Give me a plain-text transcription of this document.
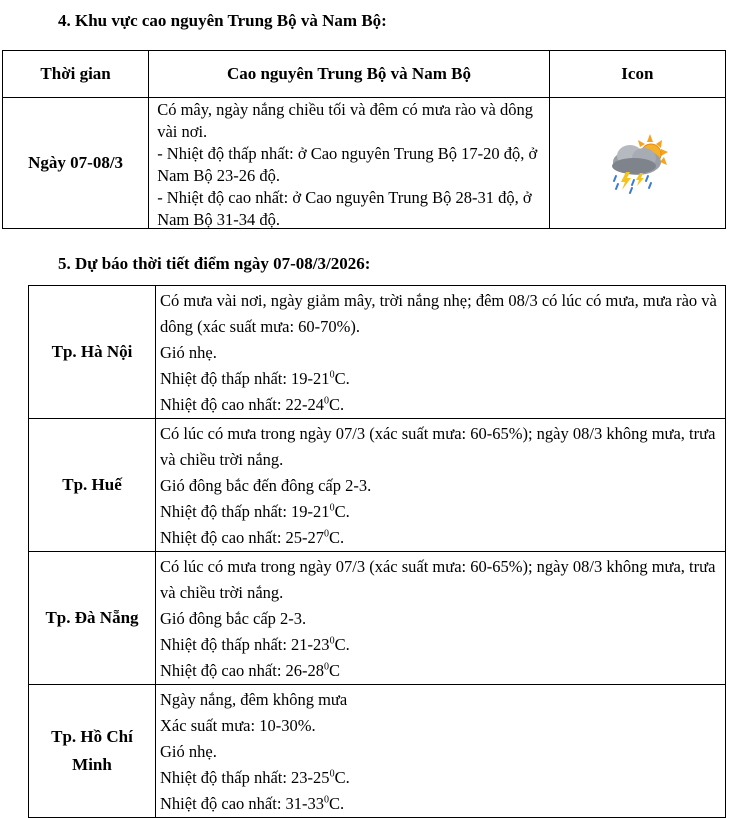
4. Khu vực cao nguyên Trung Bộ và Nam Bộ:
Thời gian	Cao nguyên Trung Bộ và Nam Bộ	Icon
Ngày 07-08/3	Có mây, ngày nắng chiều tối và đêm có mưa rào và dông vài nơi.
- Nhiệt độ thấp nhất: ở Cao nguyên Trung Bộ 17-20 độ, ở Nam Bộ 23-26 độ.
- Nhiệt độ cao nhất: ở Cao nguyên Trung Bộ 28-31 độ, ở Nam Bộ 31-34 độ.

5. Dự báo thời tiết điểm ngày 07-08/3/2026:
Tp. Hà Nội	Có mưa vài nơi, ngày giảm mây, trời nắng nhẹ; đêm 08/3 có lúc có mưa, mưa rào và dông (xác suất mưa: 60-70%).
Gió nhẹ.
Nhiệt độ thấp nhất: $19-21^0C$.
Nhiệt độ cao nhất: $22-24^0C$.

Tp. Huế	Có lúc có mưa trong ngày 07/3 (xác suất mưa: 60-65%); ngày 08/3 không mưa, trưa và chiều trời nắng.
Gió đông bắc đến đông cấp 2-3.
Nhiệt độ thấp nhất: $19-21^0C$.
Nhiệt độ cao nhất: $25-27^0C$.

Tp. Đà Nẵng	Có lúc có mưa trong ngày 07/3 (xác suất mưa: 60-65%); ngày 08/3 không mưa, trưa và chiều trời nắng.
Gió đông bắc cấp 2-3.
Nhiệt độ thấp nhất: $21-23^0C$.
Nhiệt độ cao nhất: $26-28^0C$

Tp. Hồ Chí
Minh	Ngày nắng, đêm không mưa
Xác suất mưa: 10-30%.
Gió nhẹ.
Nhiệt độ thấp nhất: $23-25^0C$.
Nhiệt độ cao nhất: $31-33^0C$.
